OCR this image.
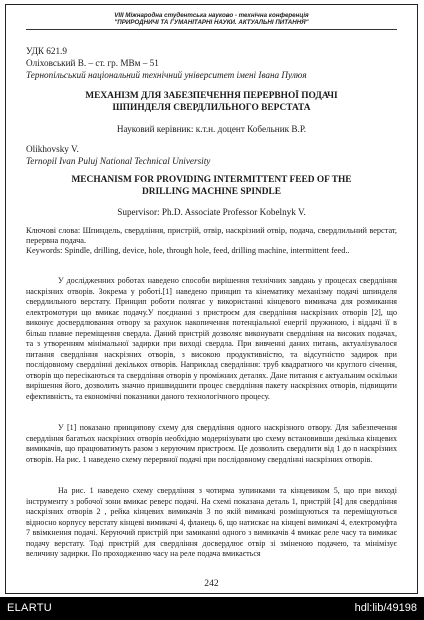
VIII Міжнародна студентська науково - технічна конференція
"ПРИРОДНИЧІ ТА ГУМАНІТАРНІ НАУКИ. АКТУАЛЬНІ ПИТАННЯ"
УДК 621.9
Оліховський В. – ст. гр. МВм – 51
Тернопільський національний технічний університет імені Івана Пулюя
МЕХАНІЗМ ДЛЯ ЗАБЕЗПЕЧЕННЯ ПЕРЕРВНОЇ ПОДАЧІ
ШПИНДЕЛЯ СВЕРДЛИЛЬНОГО ВЕРСТАТА
Науковий керівник: к.т.н. доцент Кобельник В.Р.
Olikhovsky V.
Ternopil Ivan Puluj National Technical University
MECHANISM FOR PROVIDING INTERMITTENT FEED OF THE
DRILLING MACHINE SPINDLE
Supervisor: Ph.D. Associate Professor Kobelnyk V.
Ключові слова: Шпиндель, свердління, пристрій, отвір, наскрізний отвір, подача, свердлильний верстат, перервна подача.
Keywords: Spindle, drilling, device, hole, through hole, feed, drilling machine, intermittent feed..
У дослідженних роботах наведено способи вирішення технічних завдань у процесах свердління наскрізних отворів. Зокрема у роботі.[1] наведено принцип та кінематику механізму подачі шпинделя свердлильного верстату. Принцип роботи полягає у використанні кінцевого вимикача для розмикання електромотури що вмикає подачу.У поєднанні з пристроєм для свердління наскрізних отворів [2], що виконує досвердлювання отвору за рахунок накопичення потенціальної енергії пружиною, і віддачі її в більш плавне переміщення свердла. Даний пристрій дозволяє виконувати свердління на високих подачах, та з утворенням мінімальної задирки при виході свердла. При вивченні даних питань, актуалізувалося питання свердління наскрізних отворів, з високою продуктивністю, та відсутністю задирок при послідовному свердлінні декількох отворів. Наприклад свердління: труб квадратного чи круглого січення, отворів що пересікаються та свердління отворів у проміжних деталях. Дане питання є актуальним оскільки вирішення його, дозволить значно пришвидшити процес свердління пакету наскрізних отворів, підвищити ефективність, та економічні показники даного технологічного процесу.
У [1] показано принципову схему для свердління одного наскрізного отвору. Для забезпечення свердління багатьох наскрізних отворів необхідно модернізувати цю схему встановивши декілька кінцевих вимикачів, що працюватимуть разом з керуючим пристроєм. Це дозволить свердлити від 1 до n наскрізних отворів. На рис. 1 наведено схему перервної подачі при послідовному свердлінні наскрізних отворів.
На рис. 1 наведено схему свердління з чотирма зупинками та кінцевиком 5, що при виході інструменту з робочої зони вмикає реверс подачі. На схемі показана деталь 1, пристрій [4] для свердління наскрізних отворів 2 , рейка кінцевих вимикачів 3 по якій вимикачі розміщуються та переміщуються відносно корпусу верстату кінцеві вимикачі 4, фланець 6, що натискає на кінцеві вимикачі 4, електромуфта 7 ввімкнення подачі. Керуючий пристрій при замиканні одного з вимикачів 4 вмикає реле часу та вимикає подачу верстату. Тоді пристрій для свердління досвердлює отвір зі зміненою подачею, та мінімізує величину задирки. По проходженню часу на реле подача вмикається
242
ELARTU	hdl:lib/49198
